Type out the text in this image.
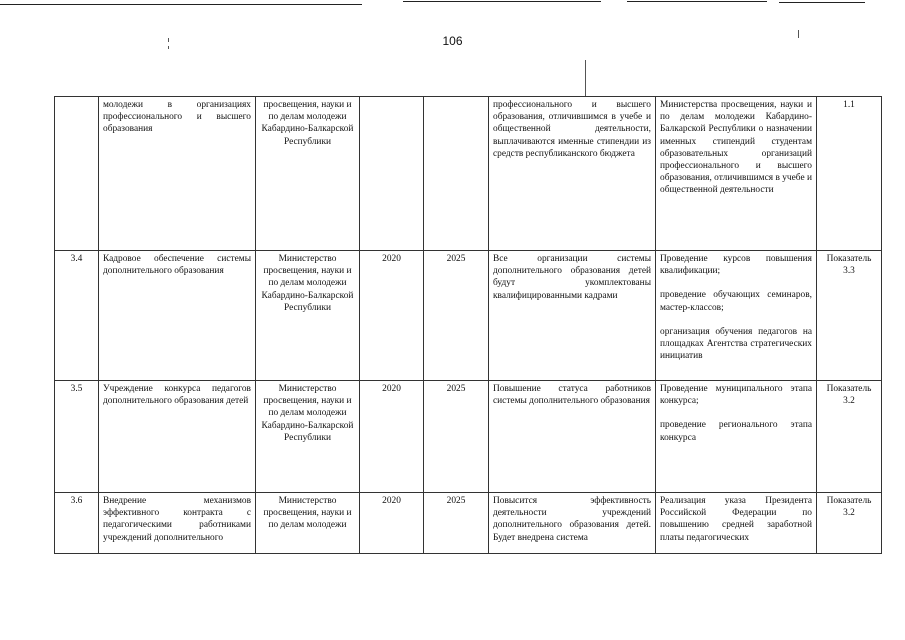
106
	молодежи в организациях профессионального и высшего образования	просвещения, науки и по делам молодежи Кабардино-Балкарской Республики			профессионального и высшего образования, отличившимся в учебе и общественной деятельности, выплачиваются именные стипендии из средств республиканского бюджета	Министерства просвещения, науки и по делам молодежи Кабардино-Балкарской Республики о назначении именных стипендий студентам образовательных организаций профессионального и высшего образования, отличившимся в учебе и общественной деятельности	1.1
3.4	Кадровое обеспечение системы дополнительного образования	Министерство просвещения, науки и по делам молодежи Кабардино-Балкарской Республики	2020	2025	Все организации системы дополнительного образования детей будут укомплектованы квалифицированными кадрами	Проведение курсов повышения квалификации;
проведение обучающих семинаров, мастер-классов;
организация обучения педагогов на площадках Агентства стратегических инициатив	Показатель 3.3
3.5	Учреждение конкурса педагогов дополнительного образования детей	Министерство просвещения, науки и по делам молодежи Кабардино-Балкарской Республики	2020	2025	Повышение статуса работников системы дополнительного образования	Проведение муниципального этапа конкурса;
проведение регионального этапа конкурса	Показатель 3.2
3.6	Внедрение механизмов эффективного контракта с педагогическими работниками учреждений дополнительного	Министерство просвещения, науки и по делам молодежи	2020	2025	Повысится эффективность деятельности учреждений дополнительного образования детей. Будет внедрена система	Реализация указа Президента Российской Федерации по повышению средней заработной платы педагогических	Показатель 3.2
